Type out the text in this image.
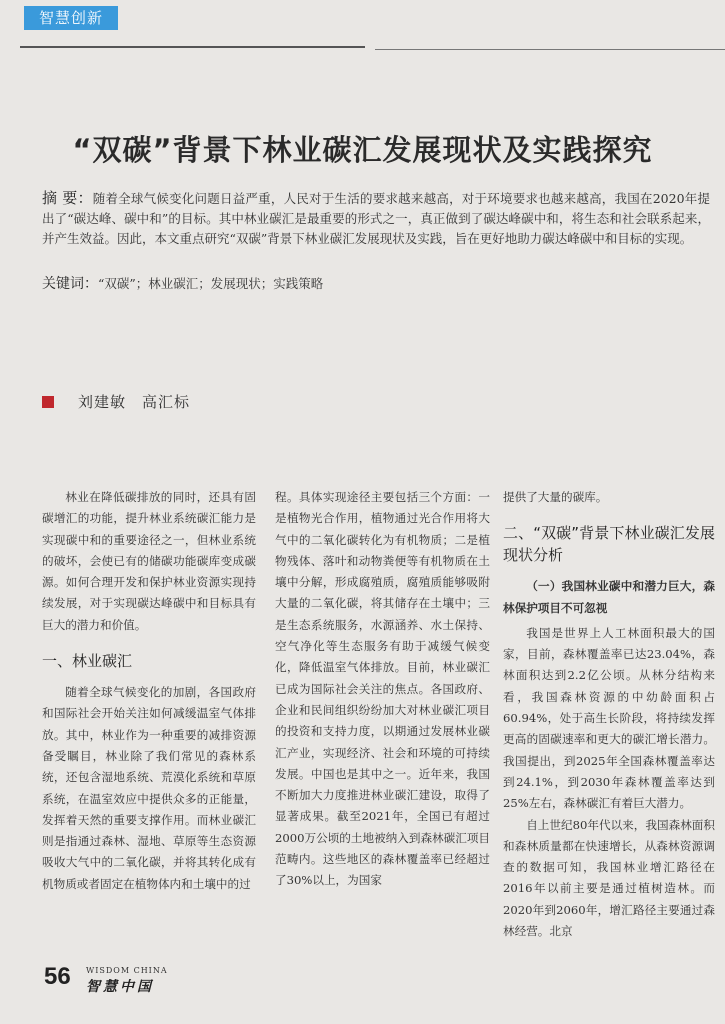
智慧创新
“双碳”背景下林业碳汇发展现状及实践探究
摘 要：随着全球气候变化问题日益严重，人民对于生活的要求越来越高，对于环境要求也越来越高，我国在2020年提出了“碳达峰、碳中和”的目标。其中林业碳汇是最重要的形式之一，真正做到了碳达峰碳中和，将生态和社会联系起来，并产生效益。因此，本文重点研究“双碳”背景下林业碳汇发展现状及实践，旨在更好地助力碳达峰碳中和目标的实现。
关键词：“双碳”；林业碳汇；发展现状；实践策略
刘建敏　高汇标

林业在降低碳排放的同时，还具有固碳增汇的功能，提升林业系统碳汇能力是实现碳中和的重要途径之一，但林业系统的破坏，会使已有的储碳功能碳库变成碳源。如何合理开发和保护林业资源实现持续发展，对于实现碳达峰碳中和目标具有巨大的潜力和价值。

一、林业碳汇

随着全球气候变化的加剧，各国政府和国际社会开始关注如何减缓温室气体排放。其中，林业作为一种重要的减排资源备受瞩目，林业除了我们常见的森林系统，还包含湿地系统、荒漠化系统和草原系统，在温室效应中提供众多的正能量，发挥着天然的重要支撑作用。而林业碳汇则是指通过森林、湿地、草原等生态资源吸收大气中的二氧化碳，并将其转化成有机物质或者固定在植物体内和土壤中的过

程。具体实现途径主要包括三个方面：一是植物光合作用，植物通过光合作用将大气中的二氧化碳转化为有机物质；二是植物残体、落叶和动物粪便等有机物质在土壤中分解，形成腐殖质，腐殖质能够吸附大量的二氧化碳，将其储存在土壤中；三是生态系统服务，水源涵养、水土保持、空气净化等生态服务有助于减缓气候变化，降低温室气体排放。目前，林业碳汇已成为国际社会关注的焦点。各国政府、企业和民间组织纷纷加大对林业碳汇项目的投资和支持力度，以期通过发展林业碳汇产业，实现经济、社会和环境的可持续发展。中国也是其中之一。近年来，我国不断加大力度推进林业碳汇建设，取得了显著成果。截至2021年，全国已有超过2000万公顷的土地被纳入到森林碳汇项目范畴内。这些地区的森林覆盖率已经超过了30%以上，为国家

提供了大量的碳库。

二、“双碳”背景下林业碳汇发展现状分析
（一）我国林业碳中和潜力巨大，森林保护项目不可忽视

我国是世界上人工林面积最大的国家，目前，森林覆盖率已达23.04%，森林面积达到2.2亿公顷。从林分结构来看，我国森林资源的中幼龄面积占60.94%，处于高生长阶段，将持续发挥更高的固碳速率和更大的碳汇增长潜力。我国提出，到2025年全国森林覆盖率达到24.1%，到2030年森林覆盖率达到25%左右，森林碳汇有着巨大潜力。

自上世纪80年代以来，我国森林面积和森林质量都在快速增长，从森林资源调查的数据可知，我国林业增汇路径在2016年以前主要是通过植树造林。而2020年到2060年，增汇路径主要通过森林经营。北京

56 WISDOM CHINA
智慧中国
